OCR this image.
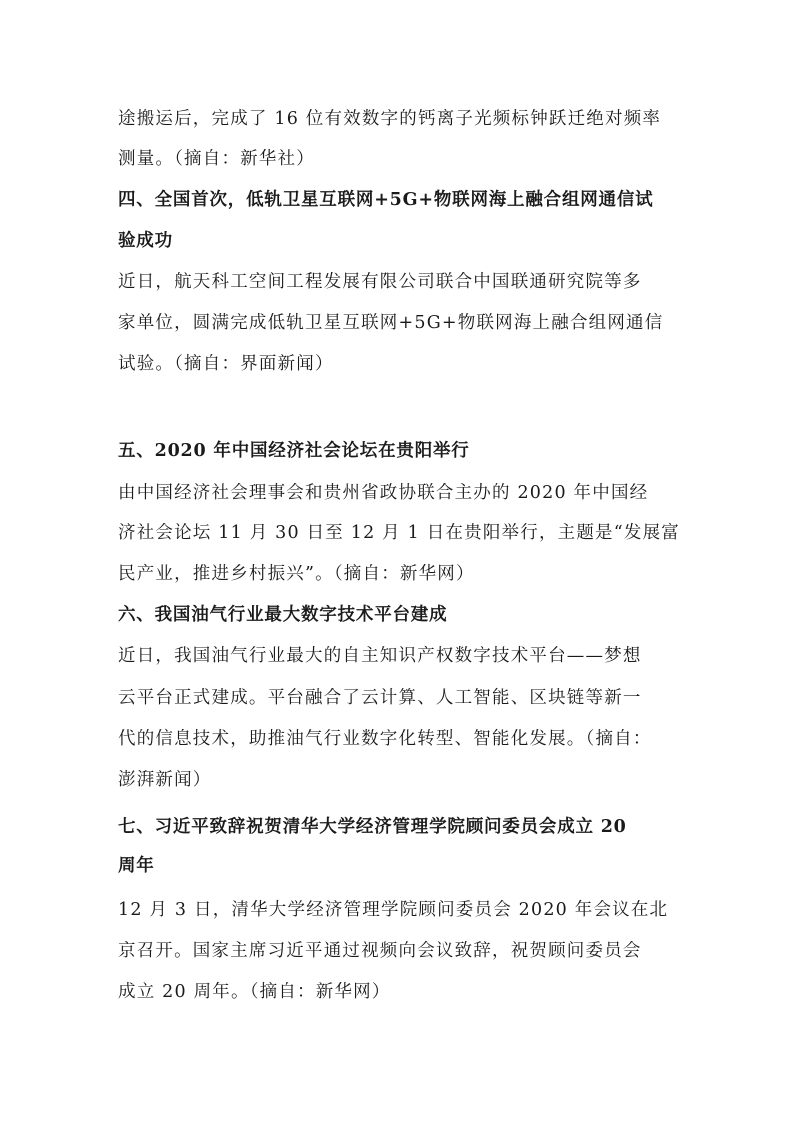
途搬运后，完成了 16 位有效数字的钙离子光频标钟跃迁绝对频率
测量。（摘自：新华社）
四、全国首次，低轨卫星互联网+5G+物联网海上融合组网通信试
验成功
近日，航天科工空间工程发展有限公司联合中国联通研究院等多
家单位，圆满完成低轨卫星互联网+5G+物联网海上融合组网通信
试验。（摘自：界面新闻）
五、2020 年中国经济社会论坛在贵阳举行
由中国经济社会理事会和贵州省政协联合主办的 2020 年中国经
济社会论坛 11 月 30 日至 12 月 1 日在贵阳举行，主题是“发展富
民产业，推进乡村振兴”。（摘自：新华网）
六、我国油气行业最大数字技术平台建成
近日，我国油气行业最大的自主知识产权数字技术平台——梦想
云平台正式建成。平台融合了云计算、人工智能、区块链等新一
代的信息技术，助推油气行业数字化转型、智能化发展。（摘自：
澎湃新闻）
七、习近平致辞祝贺清华大学经济管理学院顾问委员会成立 20
周年
12 月 3 日，清华大学经济管理学院顾问委员会 2020 年会议在北
京召开。国家主席习近平通过视频向会议致辞，祝贺顾问委员会
成立 20 周年。（摘自：新华网）
